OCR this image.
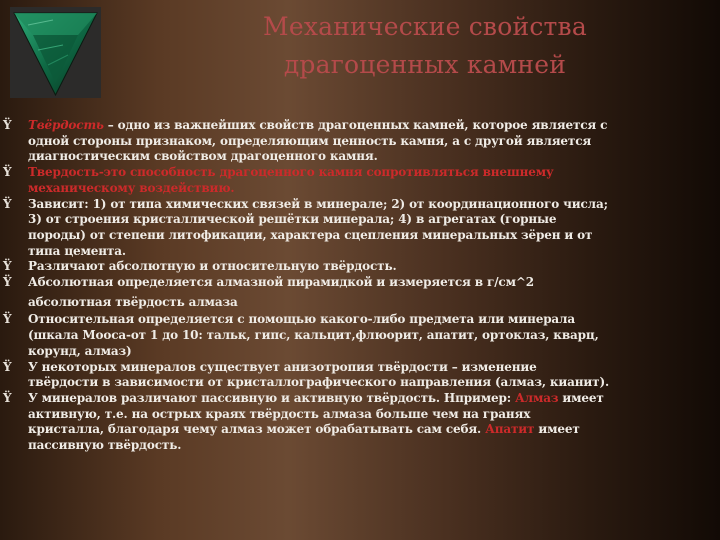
Механические свойства
драгоценных камней
Ÿ Твёрдость – одно из важнейших свойств драгоценных камней, которое является с
одной стороны признаком, определяющим ценность камня, а с другой является
диагностическим свойством драгоценного камня.
Ÿ Твердость-это способность драгоценного камня сопротивляться внешнему
механическому воздействию.
Ÿ Зависит: 1) от типа химических связей в минерале; 2) от координационного числа;
3) от строения кристаллической решётки минерала; 4) в агрегатах (горные
породы) от степени литофикации, характера сцепления минеральных зёрен и от
типа цемента.
Ÿ Различают абсолютную и относительную твёрдость.
Ÿ Абсолютная определяется алмазной пирамидкой и измеряется в г/см^2
абсолютная твёрдость алмаза
Ÿ Относительная определяется с помощью какого-либо предмета или минерала
(шкала Мооса-от 1 до 10: тальк, гипс, кальцит,флюорит, апатит, ортоклаз, кварц,
корунд, алмаз)
Ÿ У некоторых минералов существует анизотропия твёрдости – изменение
твёрдости в зависимости от кристаллографического направления (алмаз, кианит).
Ÿ У минералов различают пассивную и активную твёрдость. Нпример: Алмаз имеет
активную, т.е. на острых краях твёрдость алмаза больше чем на гранях
кристалла, благодаря чему алмаз может обрабатывать сам себя. Апатит имеет
пассивную твёрдость.
